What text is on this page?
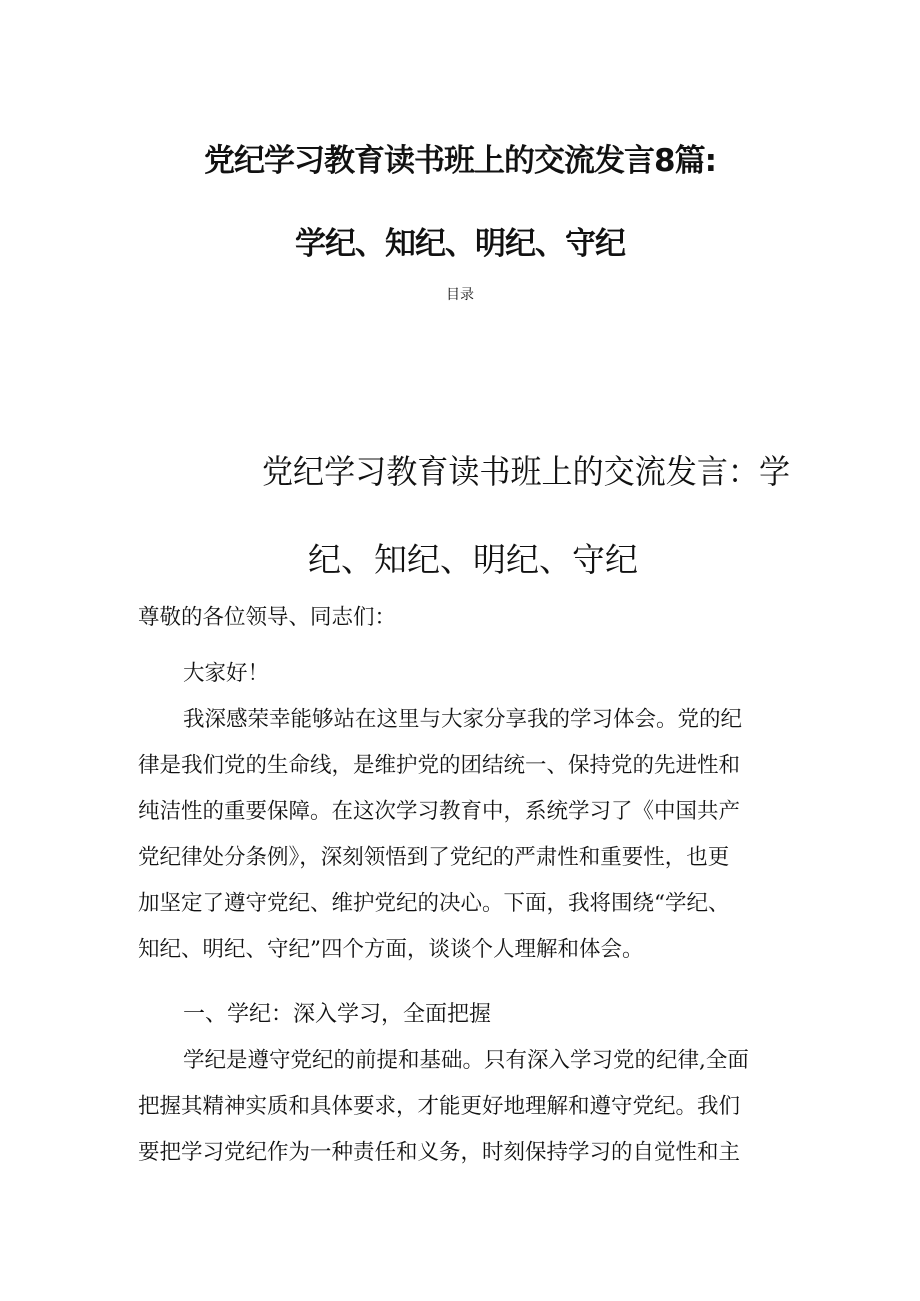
党纪学习教育读书班上的交流发言8篇:
学纪、知纪、明纪、守纪
目录
党纪学习教育读书班上的交流发言：学
纪、知纪、明纪、守纪
尊敬的各位领导、同志们：
大家好！
我深感荣幸能够站在这里与大家分享我的学习体会。党的纪
律是我们党的生命线，是维护党的团结统一、保持党的先进性和
纯洁性的重要保障。在这次学习教育中，系统学习了《中国共产
党纪律处分条例》，深刻领悟到了党纪的严肃性和重要性，也更
加坚定了遵守党纪、维护党纪的决心。下面，我将围绕“学纪、
知纪、明纪、守纪”四个方面，谈谈个人理解和体会。
一、学纪：深入学习，全面把握
学纪是遵守党纪的前提和基础。只有深入学习党的纪律,全面
把握其精神实质和具体要求，才能更好地理解和遵守党纪。我们
要把学习党纪作为一种责任和义务，时刻保持学习的自觉性和主
